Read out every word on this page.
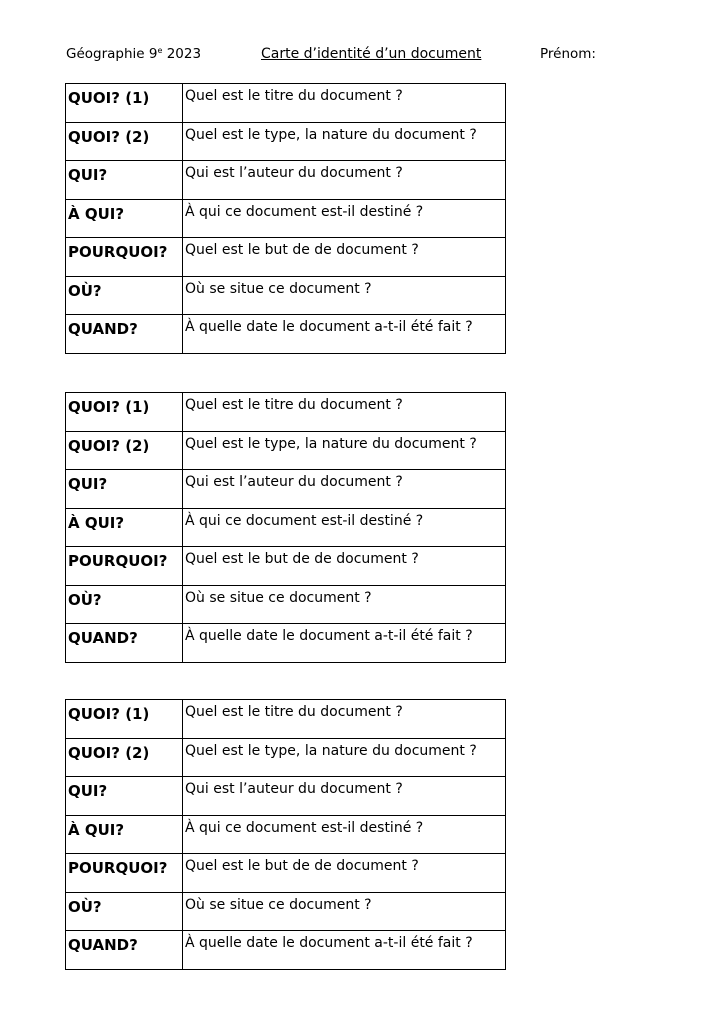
Géographie 9e 2023	Carte d’identité d’un document	Prénom:
QUOI? (1)	Quel est le titre du document ?
QUOI? (2)	Quel est le type, la nature du document ?
QUI?	Qui est l’auteur du document ?
À QUI?	À qui ce document est-il destiné ?
POURQUOI?	Quel est le but de de document ?
OÙ?	Où se situe ce document ?
QUAND?	À quelle date le document a-t-il été fait ?
QUOI? (1)	Quel est le titre du document ?
QUOI? (2)	Quel est le type, la nature du document ?
QUI?	Qui est l’auteur du document ?
À QUI?	À qui ce document est-il destiné ?
POURQUOI?	Quel est le but de de document ?
OÙ?	Où se situe ce document ?
QUAND?	À quelle date le document a-t-il été fait ?
QUOI? (1)	Quel est le titre du document ?
QUOI? (2)	Quel est le type, la nature du document ?
QUI?	Qui est l’auteur du document ?
À QUI?	À qui ce document est-il destiné ?
POURQUOI?	Quel est le but de de document ?
OÙ?	Où se situe ce document ?
QUAND?	À quelle date le document a-t-il été fait ?
